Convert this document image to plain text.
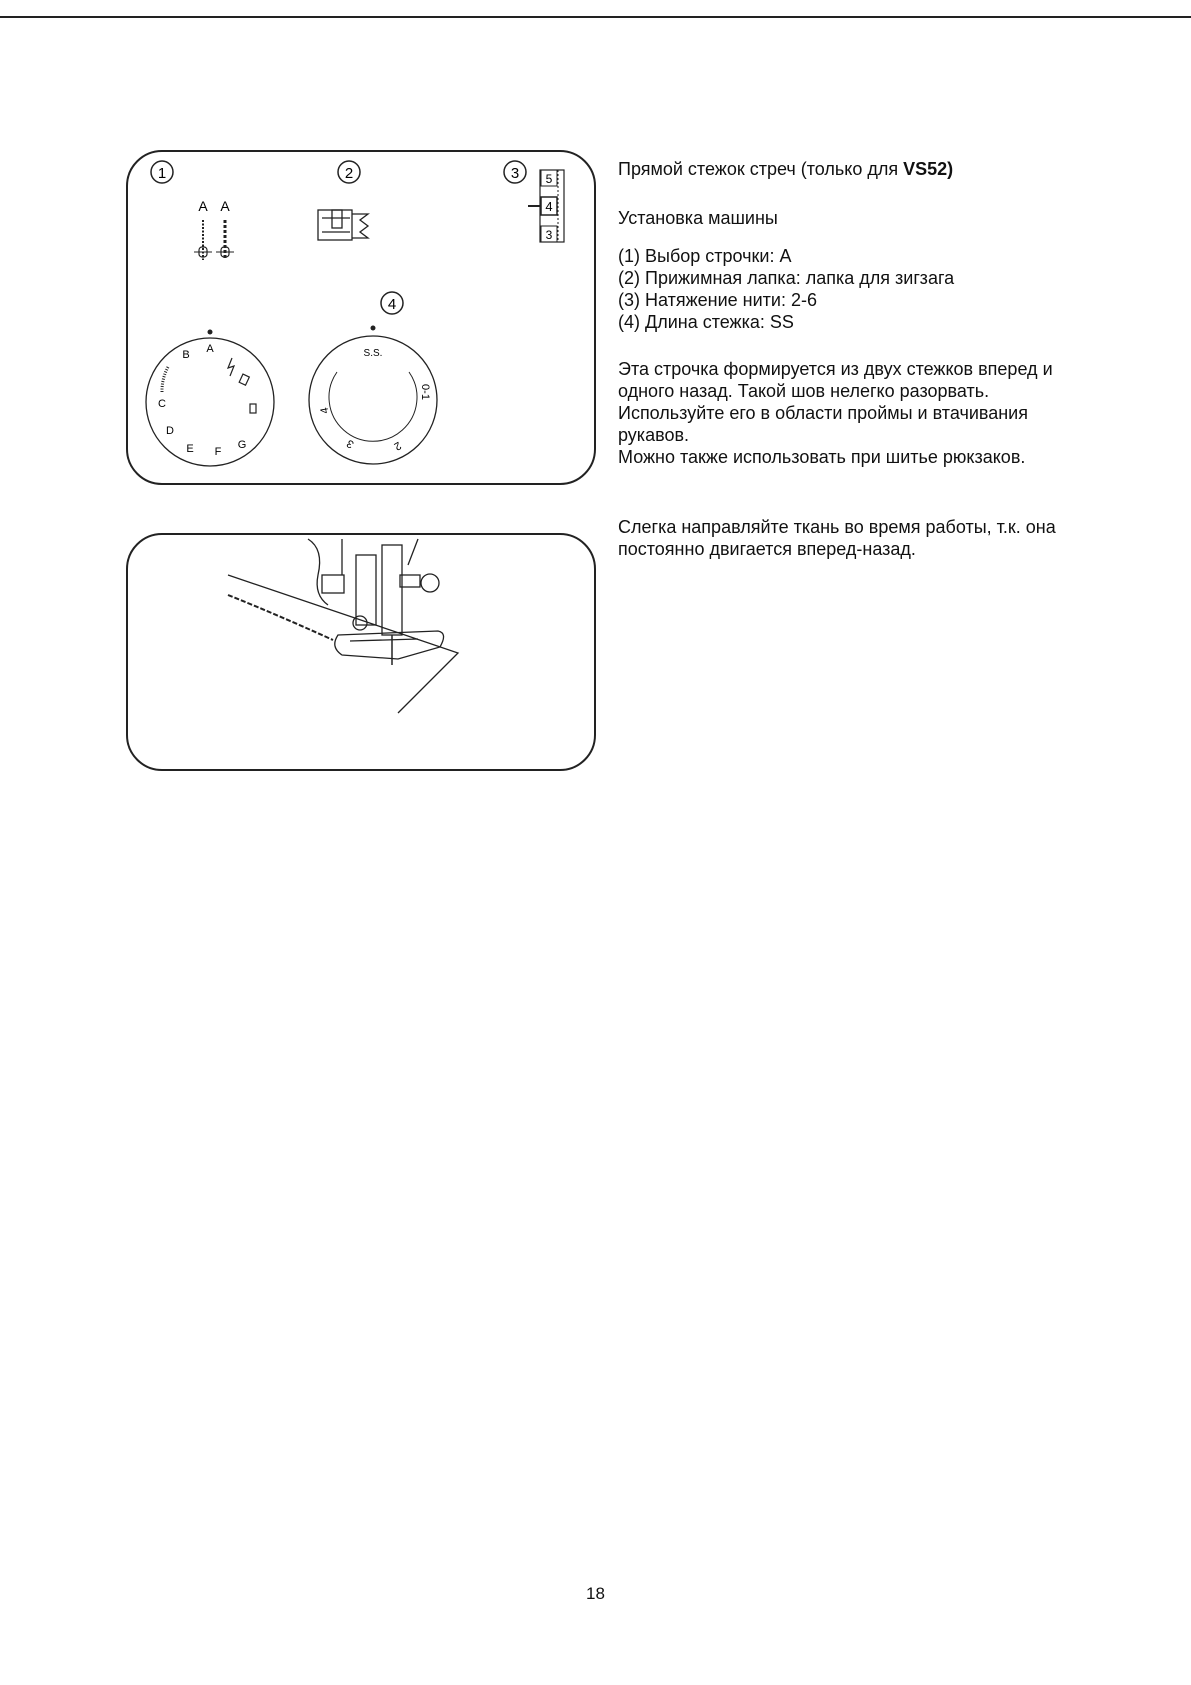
1	2	3
4
A A
5
4
3
A
B
C
D
E F
G
S.S.
0-1
2
3
4
Прямой стежок стреч (только для VS52)
Установка машины
(1) Выбор строчки: A
(2) Прижимная лапка: лапка для зигзага
(3) Натяжение нити: 2-6
(4) Длина стежка: SS

Эта строчка формируется из двух стежков вперед и одного назад. Такой шов нелегко разорвать.

Используйте его в области проймы и втачивания рукавов.

Можно также использовать при шитье рюкзаков.

Слегка направляйте ткань во время работы, т.к. она постоянно двигается вперед-назад.

18
